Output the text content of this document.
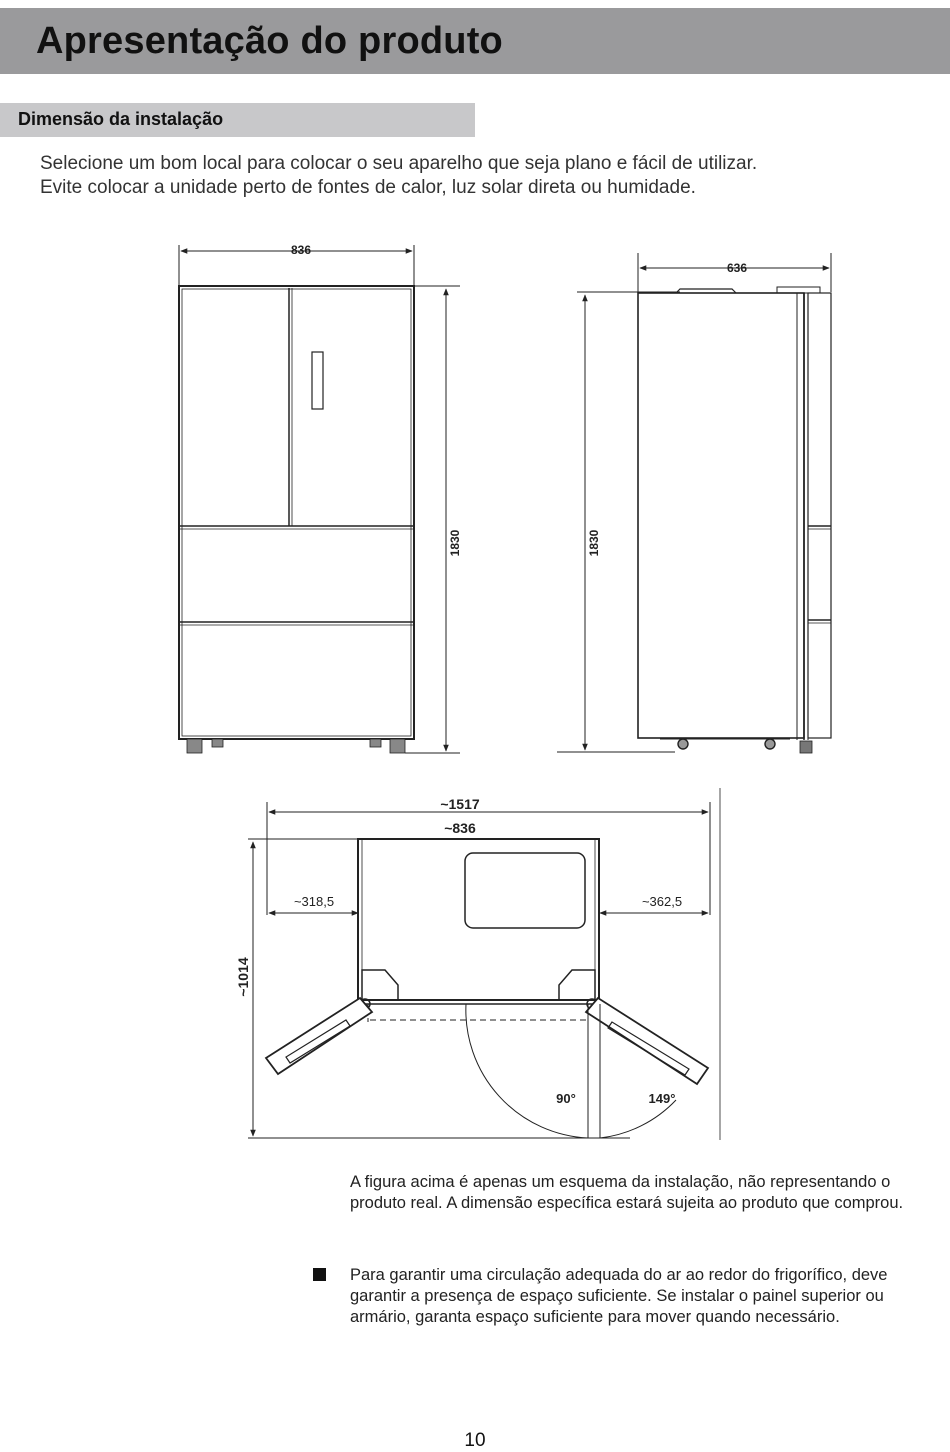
Apresentação do produto
Dimensão da instalação

Selecione um bom local para colocar o seu aparelho que seja plano e fácil de utilizar.

Evite colocar a unidade perto de fontes de calor, luz solar direta ou humidade.

836
1830
636
1830
~1517
~836
~318,5	~362,5
~1014
90°	149°

A figura acima é apenas um esquema da instalação, não representando o produto real. A dimensão específica estará sujeita ao produto que comprou.

Para garantir uma circulação adequada do ar ao redor do frigorífico, deve garantir a presença de espaço suficiente. Se instalar o painel superior ou armário, garanta espaço suficiente para mover quando necessário.

10
